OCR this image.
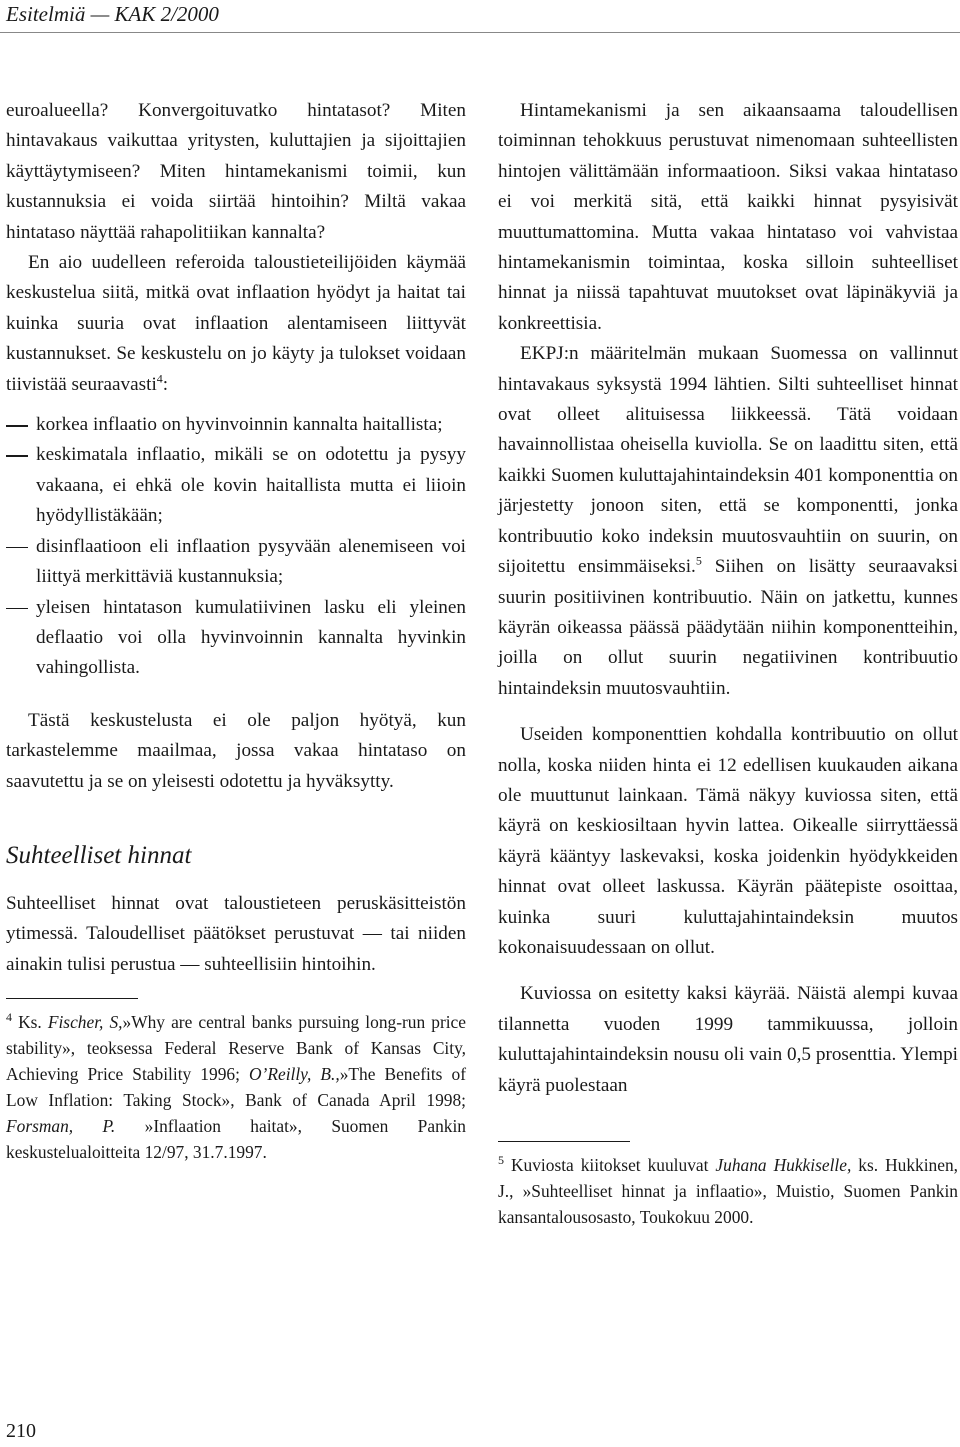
Esitelmiä — KAK 2/2000

euroalueella? Konvergoituvatko hintatasot? Miten hintavakaus vaikuttaa yritysten, kuluttajien ja sijoittajien käyttäytymiseen? Miten hintamekanismi toimii, kun kustannuksia ei voida siirtää hintoihin? Miltä vakaa hintataso näyttää rahapolitiikan kannalta?

En aio uudelleen referoida taloustieteilijöiden käymää keskustelua siitä, mitkä ovat inflaation hyödyt ja haitat tai kuinka suuria ovat inflaation alentamiseen liittyvät kustannukset. Se keskustelu on jo käyty ja tulokset voidaan tiivistää seuraavasti$^4$:

korkea inflaatio on hyvinvoinnin kannalta haitallista;
keskimatala inflaatio, mikäli se on odotettu ja pysyy vakaana, ei ehkä ole kovin haitallista mutta ei liioin hyödyllistäkään;
disinflaatioon eli inflaation pysyvään alenemiseen voi liittyä merkittäviä kustannuksia;
yleisen hintatason kumulatiivinen lasku eli yleinen deflaatio voi olla hyvinvoinnin kannalta hyvinkin vahingollista.

Tästä keskustelusta ei ole paljon hyötyä, kun tarkastelemme maailmaa, jossa vakaa hintataso on saavutettu ja se on yleisesti odotettu ja hyväksytty.

Suhteelliset hinnat

Suhteelliset hinnat ovat taloustieteen peruskäsitteistön ytimessä. Taloudelliset päätökset perustuvat — tai niiden ainakin tulisi perustua — suhteellisiin hintoihin.

$^4$ Ks. Fischer, S,»Why are central banks pursuing long-run price stability», teoksessa Federal Reserve Bank of Kansas City, Achieving Price Stability 1996; O’Reilly, B.,»The Benefits of Low Inflation: Taking Stock», Bank of Canada April 1998; Forsman, P. »Inflaation haitat», Suomen Pankin keskustelualoitteita 12/97, 31.7.1997.

Hintamekanismi ja sen aikaansaama taloudellisen toiminnan tehokkuus perustuvat nimenomaan suhteellisten hintojen välittämään informaatioon. Siksi vakaa hintataso ei voi merkitä sitä, että kaikki hinnat pysyisivät muuttumattomina. Mutta vakaa hintataso voi vahvistaa hintamekanismin toimintaa, koska silloin suhteelliset hinnat ja niissä tapahtuvat muutokset ovat läpinäkyviä ja konkreettisia.

EKPJ:n määritelmän mukaan Suomessa on vallinnut hintavakaus syksystä 1994 lähtien. Silti suhteelliset hinnat ovat olleet alituisessa liikkeessä. Tätä voidaan havainnollistaa oheisella kuviolla. Se on laadittu siten, että kaikki Suomen kuluttajahintaindeksin 401 komponenttia on järjestetty jonoon siten, että se komponentti, jonka kontribuutio koko indeksin muutosvauhtiin on suurin, on sijoitettu ensimmäiseksi.$^5$ Siihen on lisätty seuraavaksi suurin positiivinen kontribuutio. Näin on jatkettu, kunnes käyrän oikeassa päässä päädytään niihin komponentteihin, joilla on ollut suurin negatiivinen kontribuutio hintaindeksin muutosvauhtiin.

Useiden komponenttien kohdalla kontribuutio on ollut nolla, koska niiden hinta ei 12 edellisen kuukauden aikana ole muuttunut lainkaan. Tämä näkyy kuviossa siten, että käyrä on keskiosiltaan hyvin lattea. Oikealle siirryttäessä käyrä kääntyy laskevaksi, koska joidenkin hyödykkeiden hinnat ovat olleet laskussa. Käyrän päätepiste osoittaa, kuinka suuri kuluttajahintaindeksin muutos kokonaisuudessaan on ollut.

Kuviossa on esitetty kaksi käyrää. Näistä alempi kuvaa tilannetta vuoden 1999 tammikuussa, jolloin kuluttajahintaindeksin nousu oli vain 0,5 prosenttia. Ylempi käyrä puolestaan

$^5$ Kuviosta kiitokset kuuluvat Juhana Hukkiselle, ks. Hukkinen, J., »Suhteelliset hinnat ja inflaatio», Muistio, Suomen Pankin kansantalousosasto, Toukokuu 2000.
210
